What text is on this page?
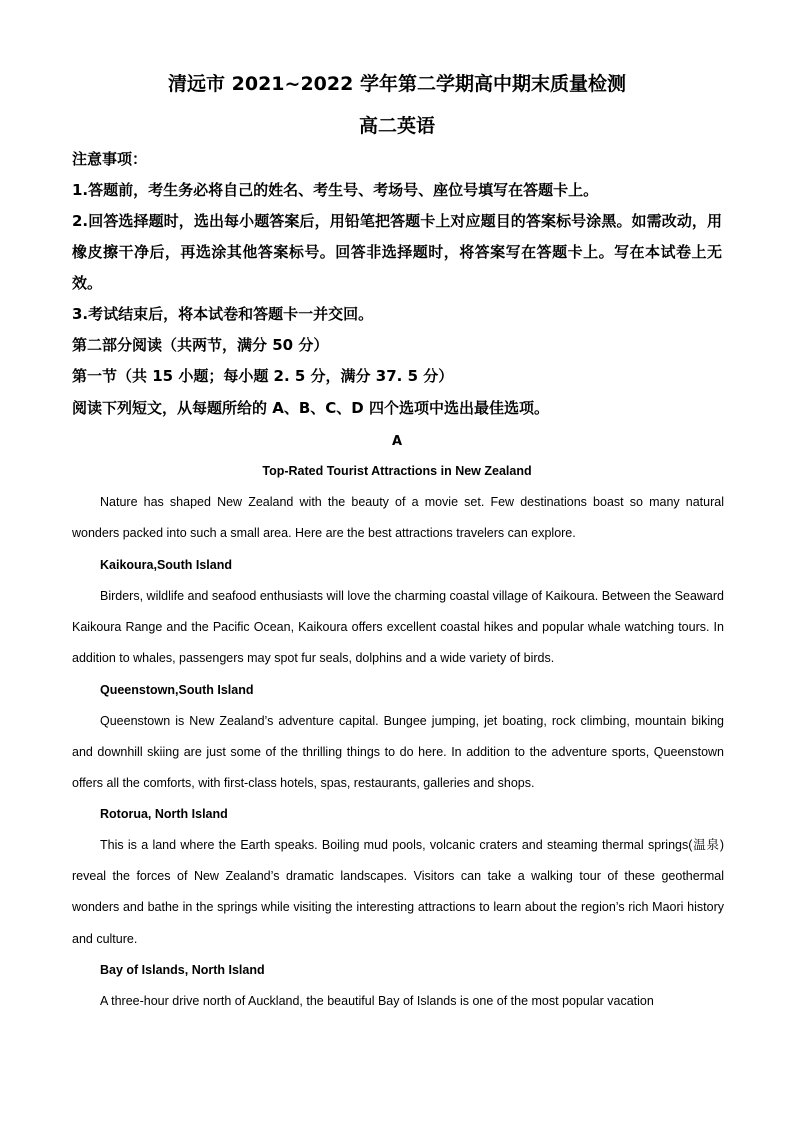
清远市 2021~2022 学年第二学期高中期末质量检测
高二英语
注意事项：
1.答题前，考生务必将自己的姓名、考生号、考场号、座位号填写在答题卡上。
2.回答选择题时，选出每小题答案后，用铅笔把答题卡上对应题目的答案标号涂黑。如需改动，用橡皮擦干净后，再选涂其他答案标号。回答非选择题时，将答案写在答题卡上。写在本试卷上无效。
3.考试结束后，将本试卷和答题卡一并交回。
第二部分阅读（共两节，满分 50 分）
第一节（共 15 小题；每小题 2. 5 分，满分 37. 5 分）
阅读下列短文，从每题所给的 A、B、C、D 四个选项中选出最佳选项。
A
Top-Rated Tourist Attractions in New Zealand

Nature has shaped New Zealand with the beauty of a movie set. Few destinations boast so many natural wonders packed into such a small area. Here are the best attractions travelers can explore.

Kaikoura,South Island

Birders, wildlife and seafood enthusiasts will love the charming coastal village of Kaikoura. Between the Seaward Kaikoura Range and the Pacific Ocean, Kaikoura offers excellent coastal hikes and popular whale watching tours. In addition to whales, passengers may spot fur seals, dolphins and a wide variety of birds.

Queenstown,South Island

Queenstown is New Zealand’s adventure capital. Bungee jumping, jet boating, rock climbing, mountain biking and downhill skiing are just some of the thrilling things to do here. In addition to the adventure sports, Queenstown offers all the comforts, with first-class hotels, spas, restaurants, galleries and shops.

Rotorua, North Island

This is a land where the Earth speaks. Boiling mud pools, volcanic craters and steaming thermal springs(温泉) reveal the forces of New Zealand’s dramatic landscapes. Visitors can take a walking tour of these geothermal wonders and bathe in the springs while visiting the interesting attractions to learn about the region’s rich Maori history and culture.

Bay of Islands, North Island

A three-hour drive north of Auckland, the beautiful Bay of Islands is one of the most popular vacation
